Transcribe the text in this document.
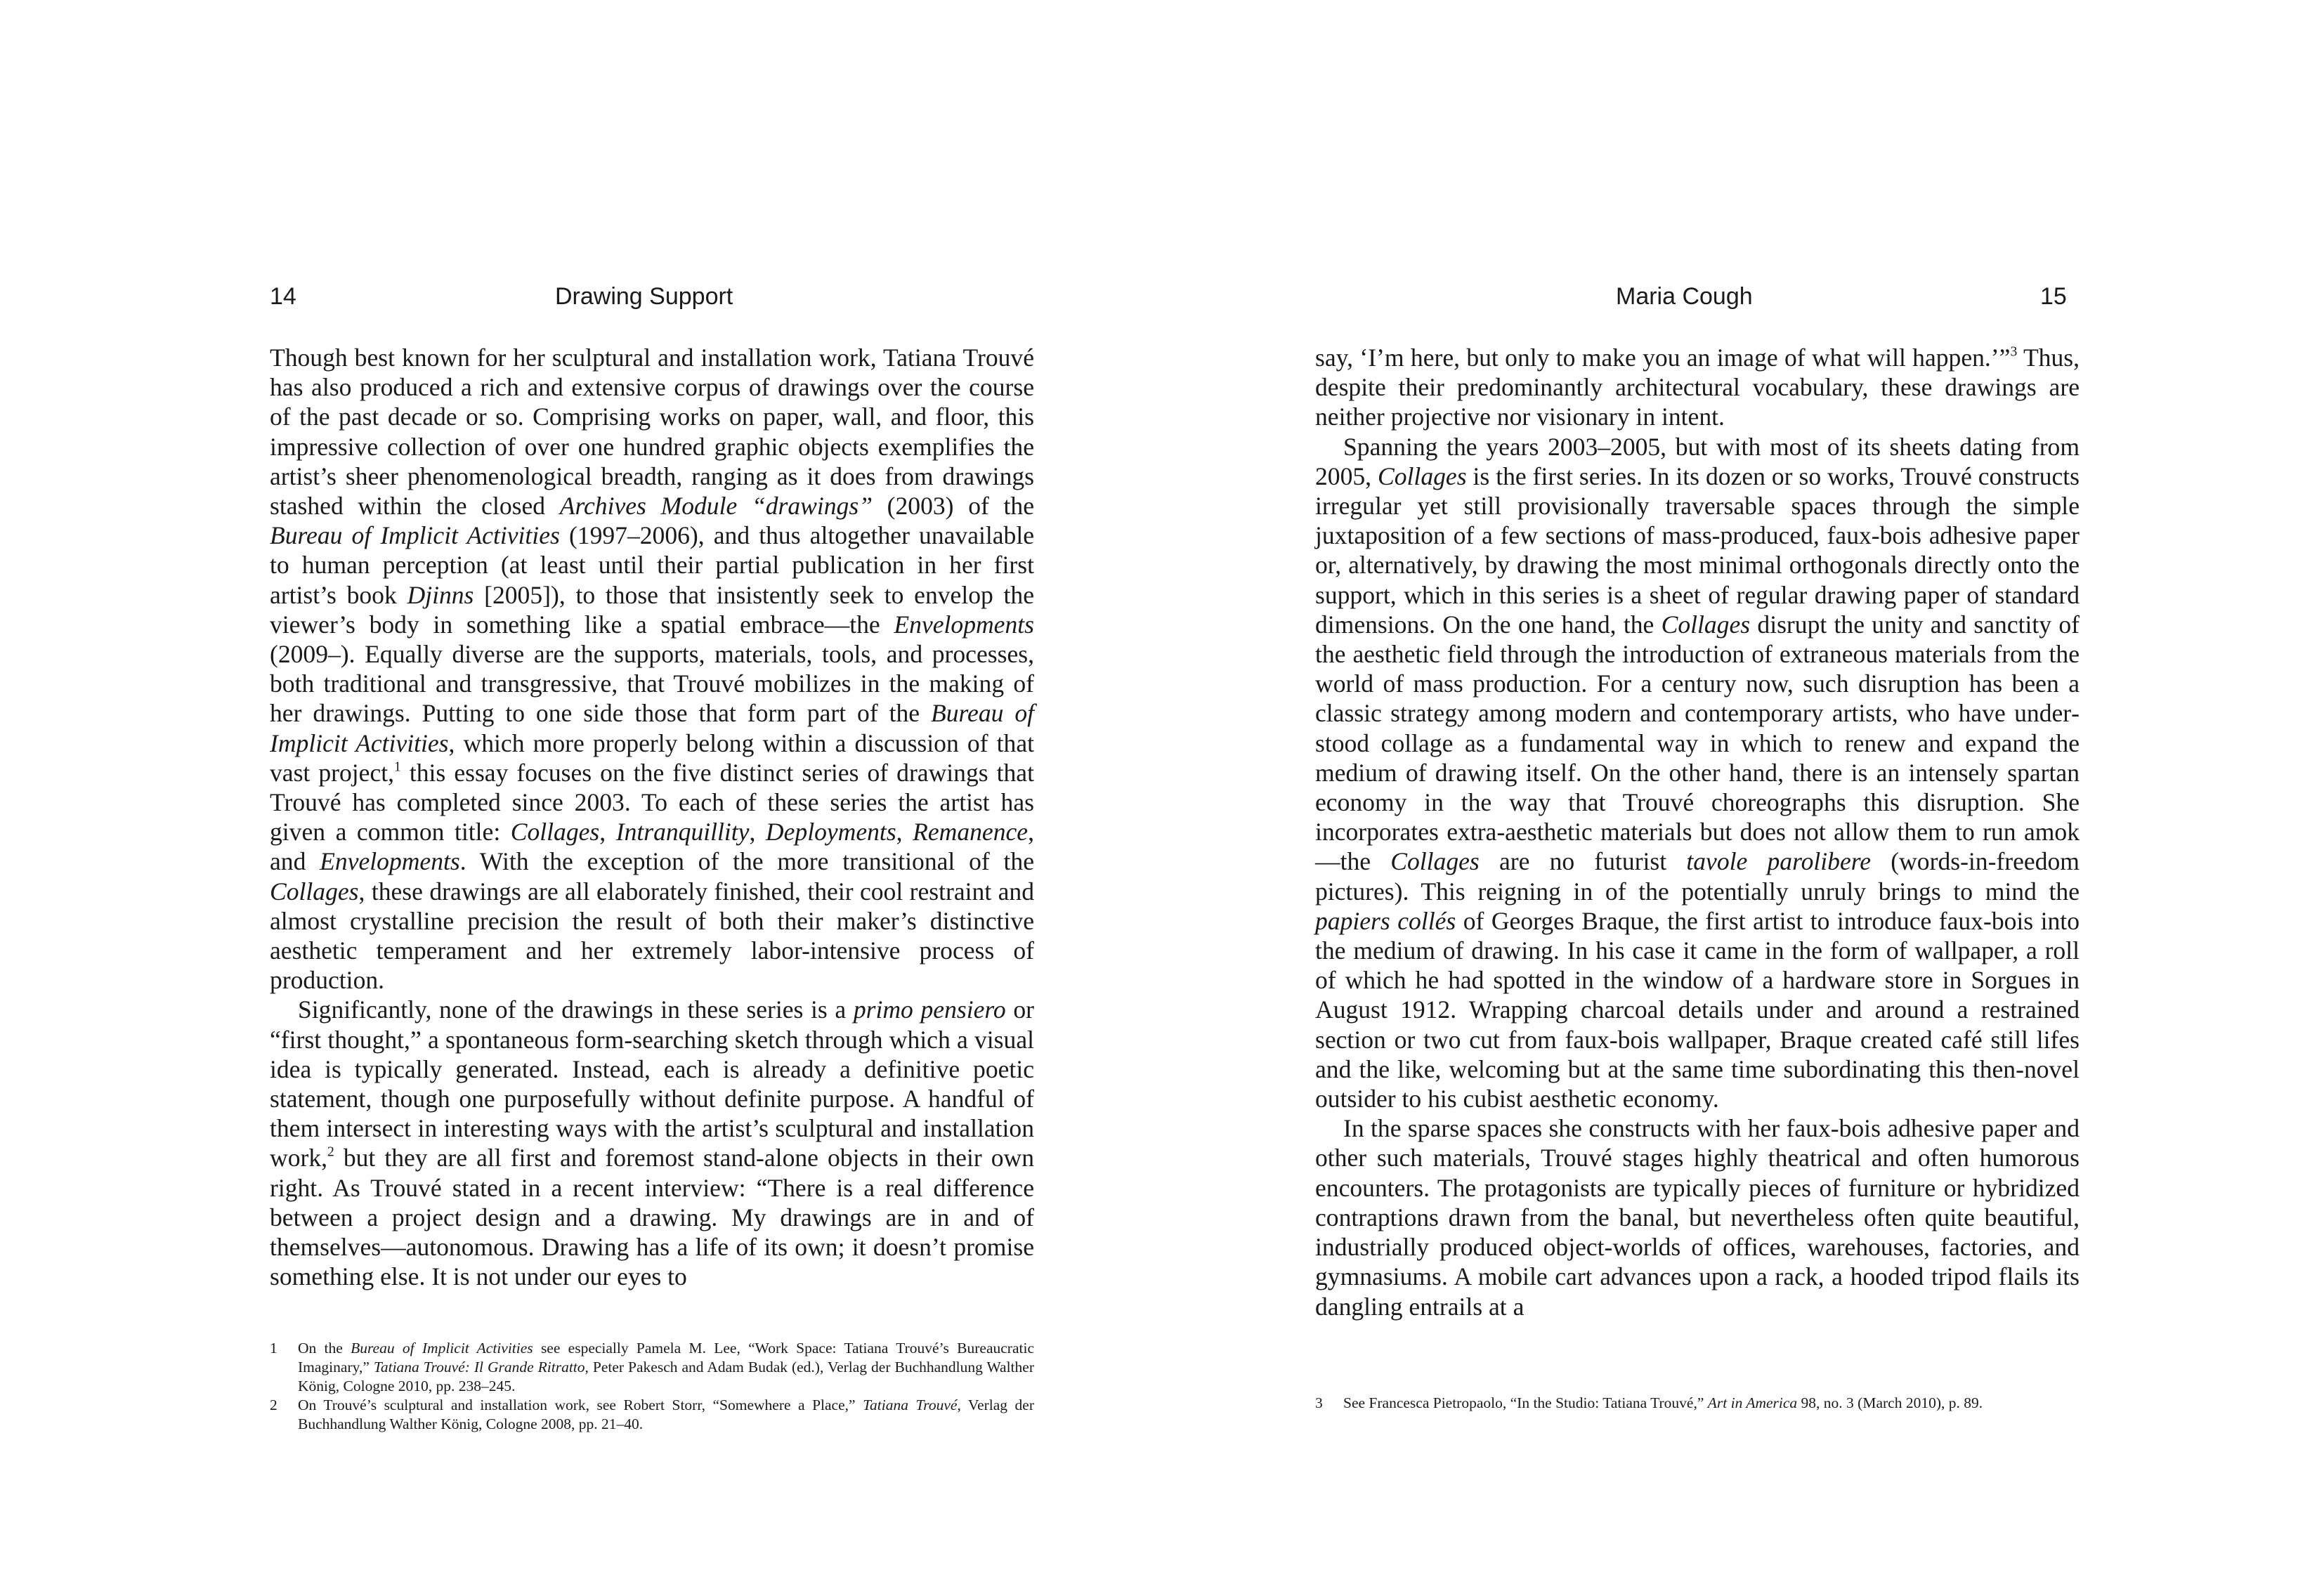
14	Drawing Support

Though best known for her sculptural and installation work, Tatiana Trouvé has also produced a rich and extensive corpus of drawings over the course of the past decade or so. Comprising works on paper, wall, and floor, this impressive collection of over one hundred graphic objects exemplifies the artist’s sheer phenomenological breadth, ranging as it does from drawings stashed within the closed Archives Module “drawings” (2003) of the Bureau of Implicit Activities (1997–2006), and thus altogether unavailable to human perception (at least until their partial publication in her first artist’s book Djinns [2005]), to those that insistently seek to envelop the viewer’s body in something like a spatial embrace—the Envelopments (2009–). Equally diverse are the supports, materials, tools, and processes, both traditional and transgressive, that Trouvé mobilizes in the making of her drawings. Putting to one side those that form part of the Bureau of Implicit Activities, which more properly belong within a discussion of that vast project,$^1$ this essay focuses on the five distinct series of drawings that Trouvé has completed since 2003. To each of these series the artist has given a common title: Collages, Intranquillity, Deployments, Remanence, and Envelopments. With the exception of the more transitional of the Collages, these drawings are all elaborately finished, their cool restraint and almost crystalline precision the result of both their maker’s distinctive aesthetic temperament and her extremely labor-intensive process of production.

Significantly, none of the drawings in these series is a primo pensiero or “first thought,” a spontaneous form-searching sketch through which a visual idea is typically generated. Instead, each is already a definitive poetic statement, though one purposefully without definite purpose. A handful of them intersect in interesting ways with the artist’s sculptural and installation work,$^2$ but they are all first and foremost stand-alone objects in their own right. As Trouvé stated in a recent interview: “There is a real difference between a project design and a drawing. My drawings are in and of themselves—autonomous. Drawing has a life of its own; it doesn’t promise something else. It is not under our eyes to

1 On the Bureau of Implicit Activities see especially Pamela M. Lee, “Work Space: Tatiana Trouvé’s Bureaucratic Imaginary,” Tatiana Trouvé: Il Grande Ritratto, Peter Pakesch and Adam Budak (ed.), Verlag der Buchhandlung Walther König, Cologne 2010, pp. 238–245.
2 On Trouvé’s sculptural and installation work, see Robert Storr, “Somewhere a Place,” Tatiana Trouvé, Verlag der Buchhandlung Walther König, Cologne 2008, pp. 21–40.
Maria Cough	15

say, ‘I’m here, but only to make you an image of what will happen.’”$^3$ Thus, despite their predominantly architectural vocabulary, these drawings are neither projective nor visionary in intent.

Spanning the years 2003–2005, but with most of its sheets dating from 2005, Collages is the first series. In its dozen or so works, Trouvé constructs irregular yet still provisionally traversable spaces through the simple juxtaposition of a few sections of mass-produced, faux-bois adhesive paper or, alternatively, by drawing the most minimal orthogonals directly onto the support, which in this series is a sheet of regular drawing paper of standard dimensions. On the one hand, the Collages disrupt the unity and sanctity of the aesthetic field through the introduction of extraneous materials from the world of mass production. For a century now, such disruption has been a classic strategy among modern and contemporary artists, who have understood collage as a fundamental way in which to renew and expand the medium of drawing itself. On the other hand, there is an intensely spartan economy in the way that Trouvé choreographs this disruption. She incorporates extra-aesthetic materials but does not allow them to run amok—the Collages are no futurist tavole parolibere (words-in-freedom pictures). This reigning in of the potentially unruly brings to mind the papiers collés of Georges Braque, the first artist to introduce faux-bois into the medium of drawing. In his case it came in the form of wallpaper, a roll of which he had spotted in the window of a hardware store in Sorgues in August 1912. Wrapping charcoal details under and around a restrained section or two cut from faux-bois wallpaper, Braque created café still lifes and the like, welcoming but at the same time subordinating this then-novel outsider to his cubist aesthetic economy.

In the sparse spaces she constructs with her faux-bois adhesive paper and other such materials, Trouvé stages highly theatrical and often humorous encounters. The protagonists are typically pieces of furniture or hybridized contraptions drawn from the banal, but nevertheless often quite beautiful, industrially produced object-worlds of offices, warehouses, factories, and gymnasiums. A mobile cart advances upon a rack, a hooded tripod flails its dangling entrails at a

3 See Francesca Pietropaolo, “In the Studio: Tatiana Trouvé,” Art in America 98, no. 3 (March 2010), p. 89.
